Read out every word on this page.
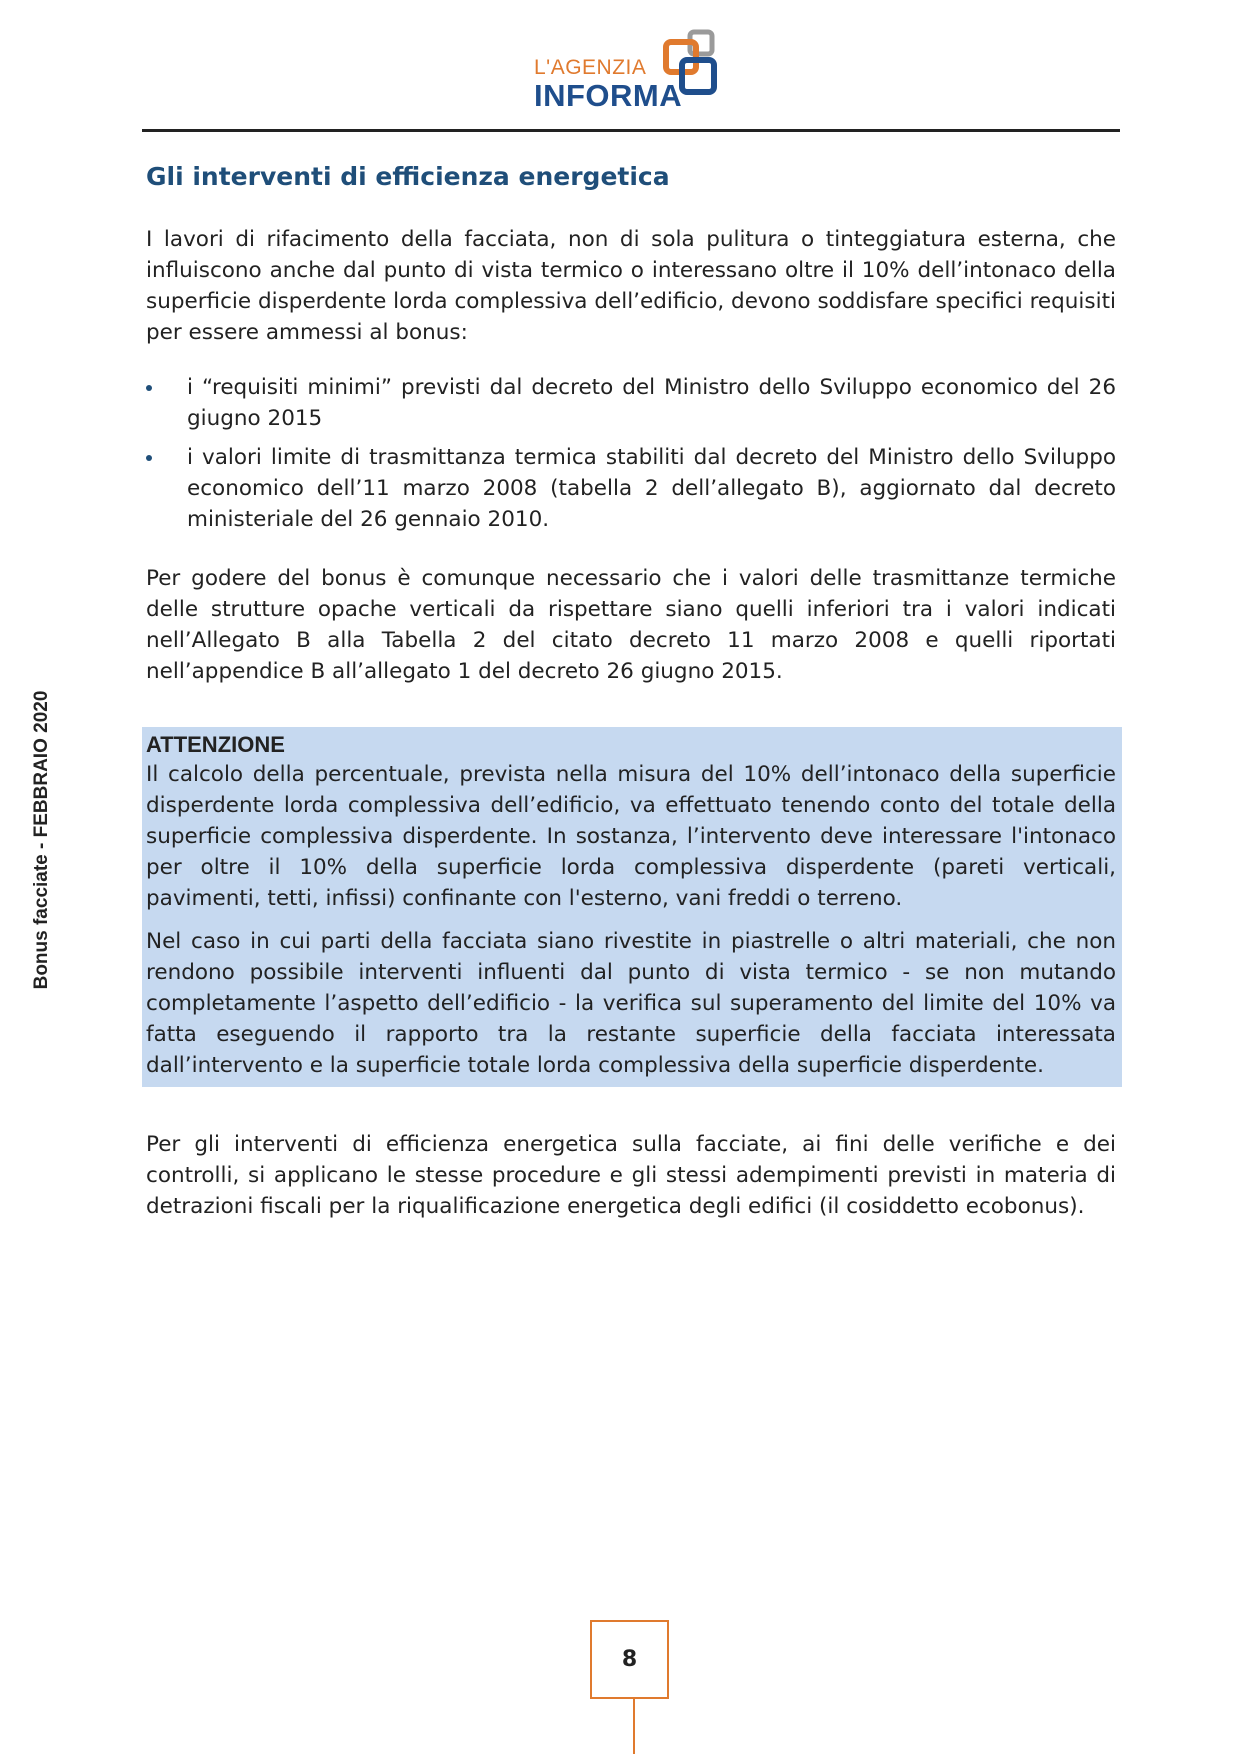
L'AGENZIA
INFORMA
Bonus facciate - FEBBRAIO 2020
Gli interventi di efficienza energetica

I lavori di rifacimento della facciata, non di sola pulitura o tinteggiatura esterna, che influiscono anche dal punto di vista termico o interessano oltre il 10% dell’intonaco della superficie disperdente lorda complessiva dell’edificio, devono soddisfare specifici requisiti per essere ammessi al bonus:

i “requisiti minimi” previsti dal decreto del Ministro dello Sviluppo economico del 26 giugno 2015
i valori limite di trasmittanza termica stabiliti dal decreto del Ministro dello Sviluppo economico dell’11 marzo 2008 (tabella 2 dell’allegato B), aggiornato dal decreto ministeriale del 26 gennaio 2010.

Per godere del bonus è comunque necessario che i valori delle trasmittanze termiche delle strutture opache verticali da rispettare siano quelli inferiori tra i valori indicati nell’Allegato B alla Tabella 2 del citato decreto 11 marzo 2008 e quelli riportati nell’appendice B all’allegato 1 del decreto 26 giugno 2015.

ATTENZIONE

Il calcolo della percentuale, prevista nella misura del 10% dell’intonaco della superficie disperdente lorda complessiva dell’edificio, va effettuato tenendo conto del totale della superficie complessiva disperdente. In sostanza, l’intervento deve interessare l'intonaco per oltre il 10% della superficie lorda complessiva disperdente (pareti verticali, pavimenti, tetti, infissi) confinante con l'esterno, vani freddi o terreno.

Nel caso in cui parti della facciata siano rivestite in piastrelle o altri materiali, che non rendono possibile interventi influenti dal punto di vista termico - se non mutando completamente l’aspetto dell’edificio - la verifica sul superamento del limite del 10% va fatta eseguendo il rapporto tra la restante superficie della facciata interessata dall’intervento e la superficie totale lorda complessiva della superficie disperdente.

Per gli interventi di efficienza energetica sulla facciate, ai fini delle verifiche e dei controlli, si applicano le stesse procedure e gli stessi adempimenti previsti in materia di detrazioni fiscali per la riqualificazione energetica degli edifici (il cosiddetto ecobonus).

8
